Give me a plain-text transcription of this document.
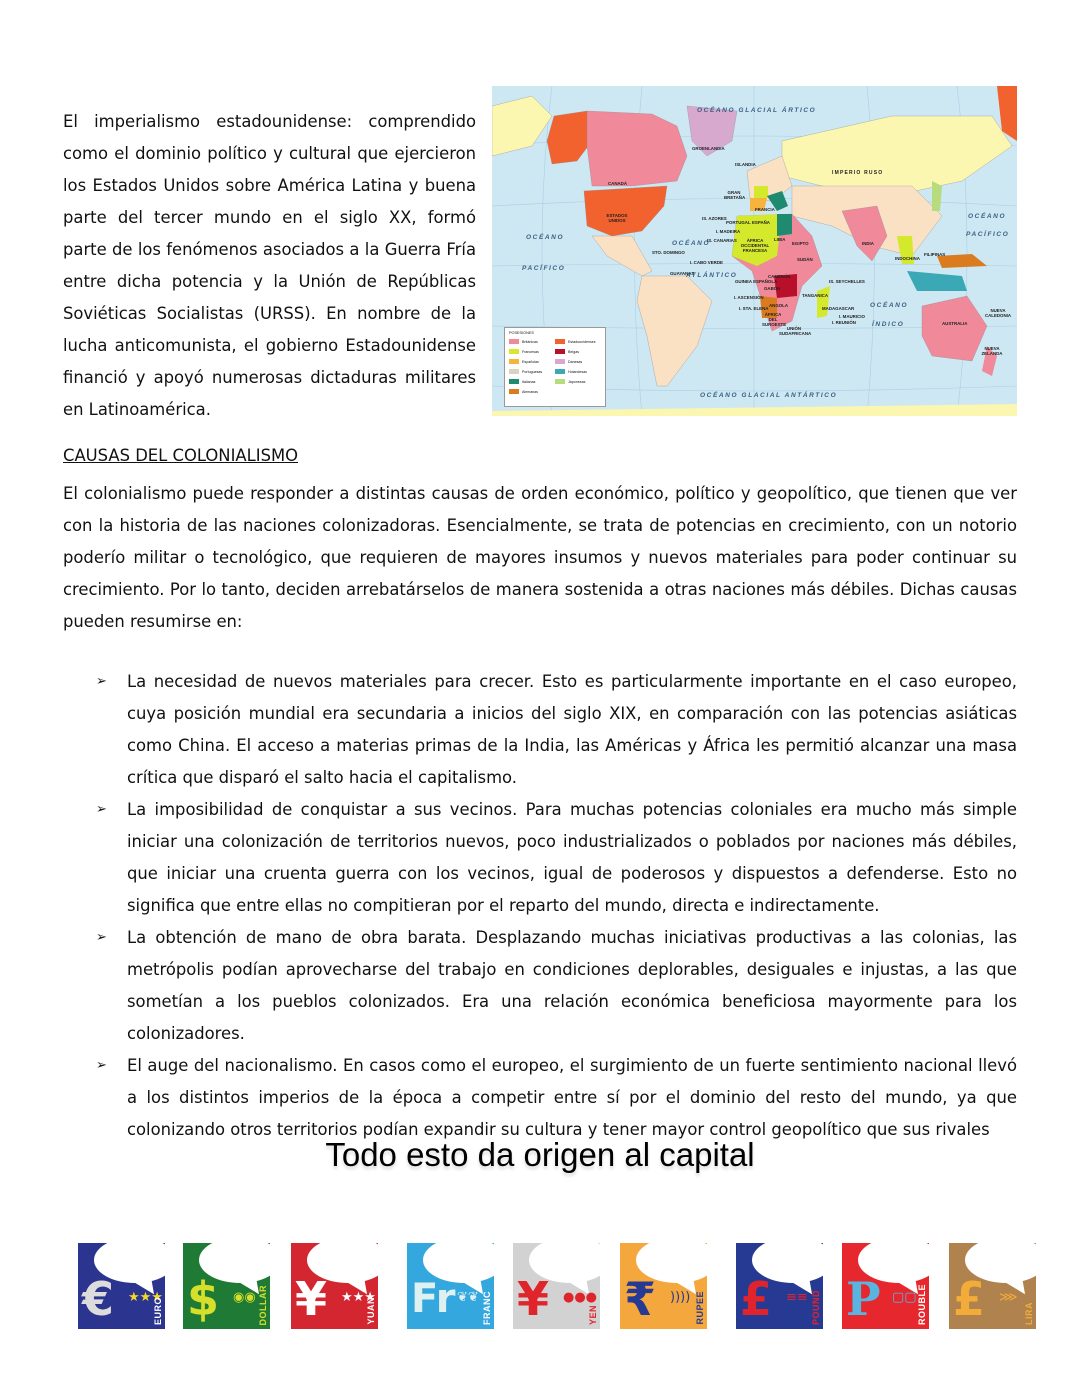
El imperialismo estadounidense: comprendido como el dominio político y cultural que ejercieron los Estados Unidos sobre América Latina y buena parte del tercer mundo en el siglo XX, formó parte de los fenómenos asociados a la Guerra Fría entre dicha potencia y la Unión de Repúblicas Soviéticas Socialistas (URSS). En nombre de la lucha anticomunista, el gobierno Estadounidense financió y apoyó numerosas dictaduras militares en Latinoamérica.

OCÉANO GLACIAL ÁRTICO
OCÉANO GLACIAL ANTÁRTICO
OCÉANO
PACÍFICO
OCÉANO
PACÍFICO
OCÉANO
ATLÁNTICO
OCÉANO
ÍNDICO
CANADÁ
ESTADOS UNIDOS
GROENLANDIA
ISLANDIA
IMPERIO RUSO
GRAN BRETAÑA
FRANCIA
ESPAÑA
PORTUGAL
IS. AZORES
I. MADEIRA
IS. CANARIAS
STO. DOMINGO
I. CABO VERDE
GUAYANAS
ÁFRICA OCCIDENTAL FRANCESA
LIBIA
EGIPTO
SUDÁN
GUINEA ESPAÑOLA
CAMERÚN
GABÓN
I. ASCENSIÓN
I. STA. ELENA
ANGOLA
ÁFRICA DEL SUROESTE
UNIÓN SUDAFRICANA
TANGANICA
MADAGASCAR
I. MAURICIO
I. REUNIÓN
IS. SEYCHELLES
INDIA
INDOCHINA
FILIPINAS
AUSTRALIA
NUEVA ZELANDA
NUEVA CALEDONIA
POSESIONES
Británicas
Francesas
Españolas
Portuguesas
Italianas
Alemanas
Estadounidenses
Belgas
Danesas
Holandesas
Japonesas
CAUSAS DEL COLONIALISMO

El colonialismo puede responder a distintas causas de orden económico, político y geopolítico, que tienen que ver con la historia de las naciones colonizadoras. Esencialmente, se trata de potencias en crecimiento, con un notorio poderío militar o tecnológico, que requieren de mayores insumos y nuevos materiales para poder continuar su crecimiento. Por lo tanto, deciden arrebatárselos de manera sostenida a otras naciones más débiles. Dichas causas pueden resumirse en:

➢ La necesidad de nuevos materiales para crecer. Esto es particularmente importante en el caso europeo, cuya posición mundial era secundaria a inicios del siglo XIX, en comparación con las potencias asiáticas como China. El acceso a materias primas de la India, las Américas y África les permitió alcanzar una masa crítica que disparó el salto hacia el capitalismo.
➢ La imposibilidad de conquistar a sus vecinos. Para muchas potencias coloniales era mucho más simple iniciar una colonización de territorios nuevos, poco industrializados o poblados por naciones más débiles, que iniciar una cruenta guerra con los vecinos, igual de poderosos y dispuestos a defenderse. Esto no significa que entre ellas no compitieran por el reparto del mundo, directa e indirectamente.
➢ La obtención de mano de obra barata. Desplazando muchas iniciativas productivas a las colonias, las metrópolis podían aprovecharse del trabajo en condiciones deplorables, desiguales e injustas, a las que sometían a los pueblos colonizados. Era una relación económica beneficiosa mayormente para los colonizadores.
➢ El auge del nacionalismo. En casos como el europeo, el surgimiento de un fuerte sentimiento nacional llevó a los distintos imperios de la época a competir entre sí por el dominio del resto del mundo, ya que colonizando otros territorios podían expandir su cultura y tener mayor control geopolítico que sus rivales
Todo esto da origen al capital
€ ★★★
EURO $ ◉◉ DOLLAR ¥ ★★★
YUAN Fr ❦❦ FRANC ¥ ●●●
YEN ₹ )))) RUPEE £ ≡≡ POUND P ▢▢ ROUBLE £ ⋙
LIRA
